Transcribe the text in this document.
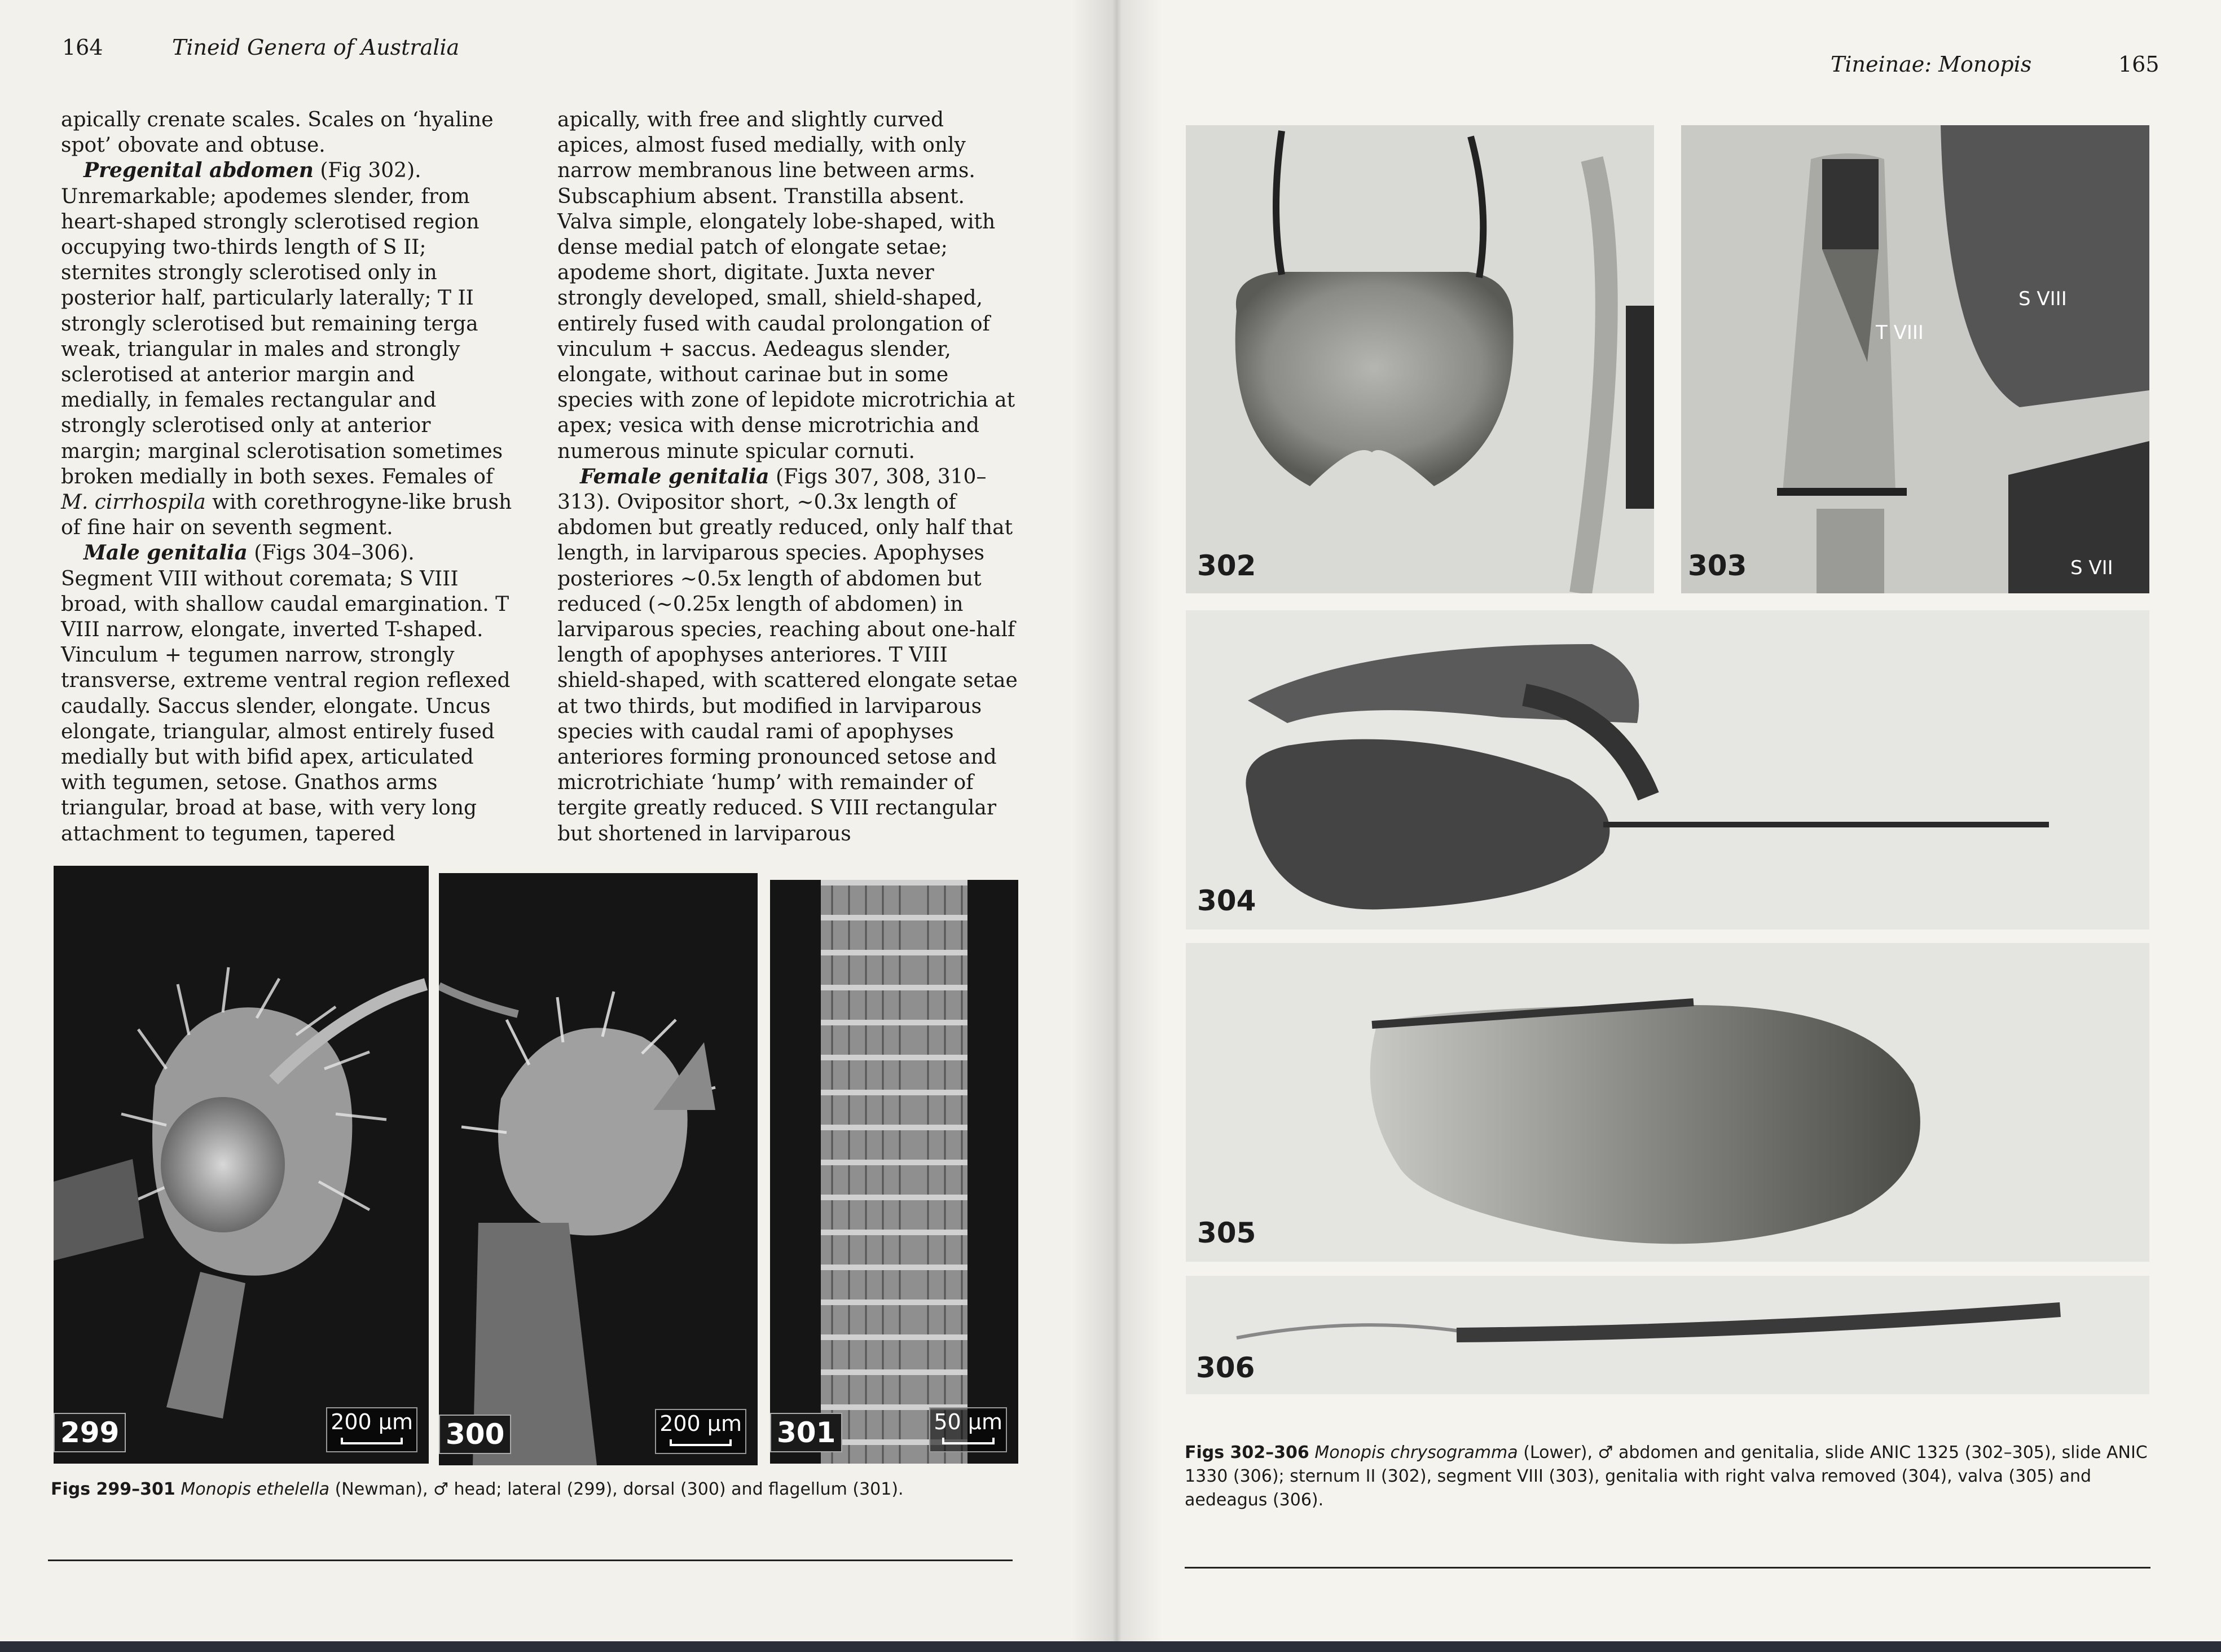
164	Tineid Genera of Australia

apically crenate scales. Scales on ‘hyaline spot’ obovate and obtuse.

Pregenital abdomen (Fig 302). Unremarkable; apodemes slender, from heart-shaped strongly sclerotised region occupying two-thirds length of S II; sternites strongly sclerotised only in posterior half, particularly laterally; T II strongly sclerotised but remaining terga weak, triangular in males and strongly sclerotised at anterior margin and medially, in females rectangular and strongly sclerotised only at anterior margin; marginal sclerotisation sometimes broken medially in both sexes. Females of M. cirrhospila with corethrogyne-like brush of fine hair on seventh segment.

Male genitalia (Figs 304–306). Segment VIII without coremata; S VIII broad, with shallow caudal emargination. T VIII narrow, elongate, inverted T-shaped. Vinculum + tegumen narrow, strongly transverse, extreme ventral region reflexed caudally. Saccus slender, elongate. Uncus elongate, triangular, almost entirely fused medially but with bifid apex, articulated with tegumen, setose. Gnathos arms triangular, broad at base, with very long attachment to tegumen, tapered

apically, with free and slightly curved apices, almost fused medially, with only narrow membranous line between arms. Subscaphium absent. Transtilla absent. Valva simple, elongately lobe-shaped, with dense medial patch of elongate setae; apodeme short, digitate. Juxta never strongly developed, small, shield-shaped, entirely fused with caudal prolongation of vinculum + saccus. Aedeagus slender, elongate, without carinae but in some species with zone of lepidote microtrichia at apex; vesica with dense microtrichia and numerous minute spicular cornuti.

Female genitalia (Figs 307, 308, 310–313). Ovipositor short, ~0.3x length of abdomen but greatly reduced, only half that length, in larviparous species. Apophyses posteriores ~0.5x length of abdomen but reduced (~0.25x length of abdomen) in larviparous species, reaching about one-half length of apophyses anteriores. T VIII shield-shaped, with scattered elongate setae at two thirds, but modified in larviparous species with caudal rami of apophyses anteriores forming pronounced setose and microtrichiate ‘hump’ with remainder of tergite greatly reduced. S VIII rectangular but shortened in larviparous

299	200 µm 300	200 µm 301	50 µm
Figs 299–301 Monopis ethelella (Newman), ♂ head; lateral (299), dorsal (300) and flagellum (301).
Tineinae: Monopis	165
302
T VIII
S VIII
S VII
303
304
305
306
Figs 302–306 Monopis chrysogramma (Lower), ♂ abdomen and genitalia, slide ANIC 1325 (302–305), slide ANIC 1330 (306); sternum II (302), segment VIII (303), genitalia with right valva removed (304), valva (305) and aedeagus (306).
